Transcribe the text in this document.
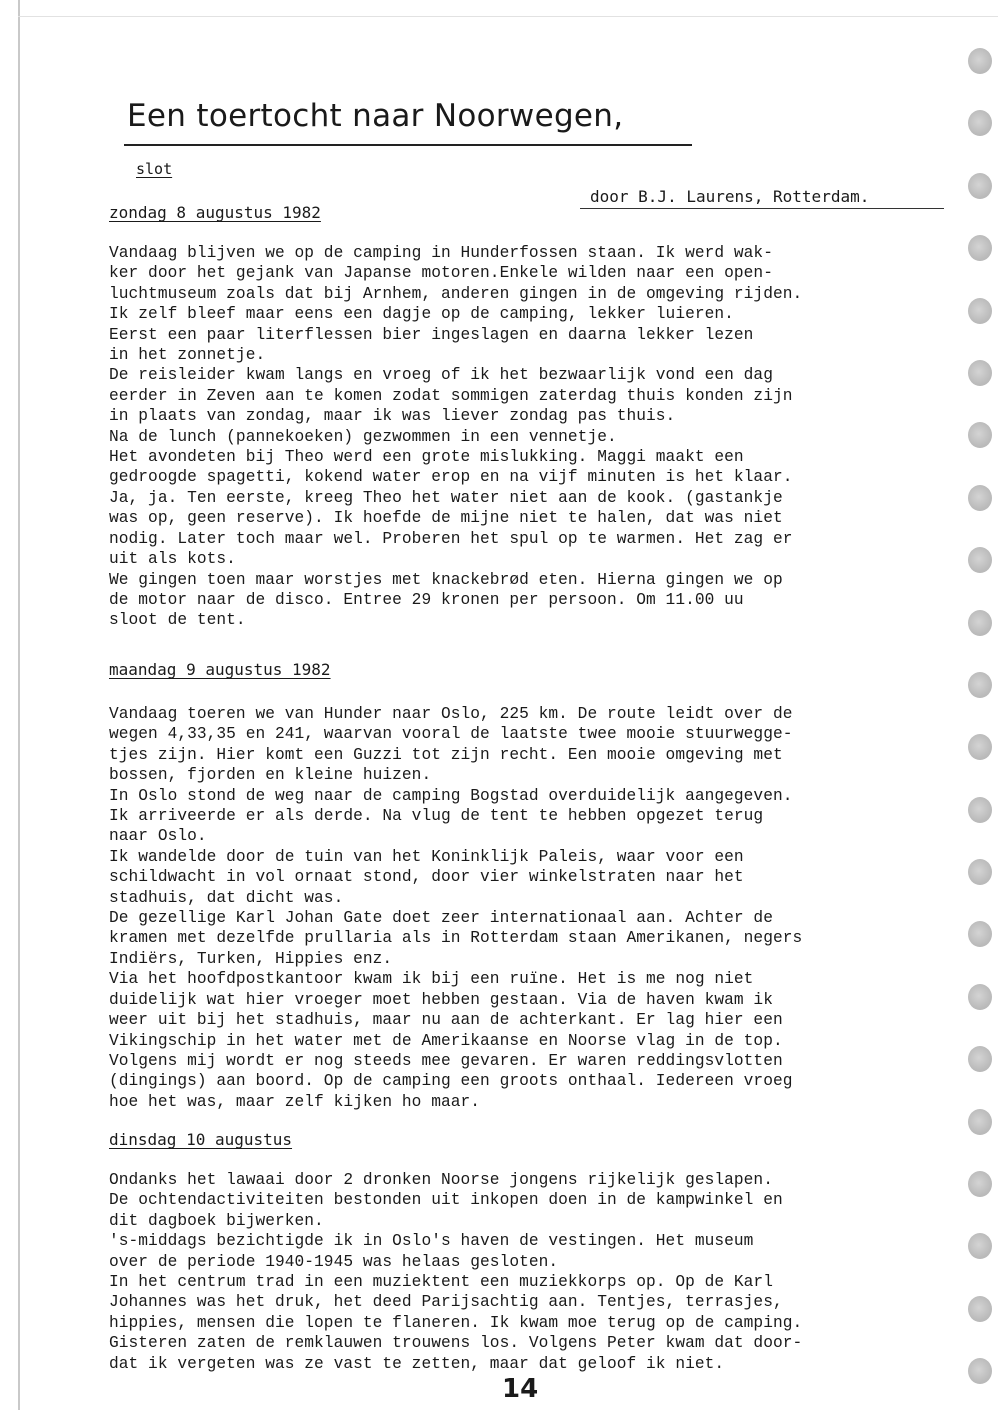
Een toertocht naar Noorwegen,
slot
door B.J. Laurens, Rotterdam.
zondag 8 augustus 1982
Vandaag blijven we op de camping in Hunderfossen staan. Ik werd wak-
ker door het gejank van Japanse motoren.Enkele wilden naar een open-
luchtmuseum zoals dat bij Arnhem, anderen gingen in de omgeving rijden.
Ik zelf bleef maar eens een dagje op de camping, lekker luieren.
Eerst een paar literflessen bier ingeslagen en daarna lekker lezen
in het zonnetje.
De reisleider kwam langs en vroeg of ik het bezwaarlijk vond een dag
eerder in Zeven aan te komen zodat sommigen zaterdag thuis konden zijn
in plaats van zondag, maar ik was liever zondag pas thuis.
Na de lunch (pannekoeken) gezwommen in een vennetje.
Het avondeten bij Theo werd een grote mislukking. Maggi maakt een
gedroogde spagetti, kokend water erop en na vijf minuten is het klaar.
Ja, ja. Ten eerste, kreeg Theo het water niet aan de kook. (gastankje
was op, geen reserve). Ik hoefde de mijne niet te halen, dat was niet
nodig. Later toch maar wel. Proberen het spul op te warmen. Het zag er
uit als kots.
We gingen toen maar worstjes met knackebrød eten. Hierna gingen we op
de motor naar de disco. Entree 29 kronen per persoon. Om 11.00 uu
sloot de tent.
maandag 9 augustus 1982
Vandaag toeren we van Hunder naar Oslo, 225 km. De route leidt over de
wegen 4,33,35 en 241, waarvan vooral de laatste twee mooie stuurwegge-
tjes zijn. Hier komt een Guzzi tot zijn recht. Een mooie omgeving met
bossen, fjorden en kleine huizen.
In Oslo stond de weg naar de camping Bogstad overduidelijk aangegeven.
Ik arriveerde er als derde. Na vlug de tent te hebben opgezet terug
naar Oslo.
Ik wandelde door de tuin van het Koninklijk Paleis, waar voor een
schildwacht in vol ornaat stond, door vier winkelstraten naar het
stadhuis, dat dicht was.
De gezellige Karl Johan Gate doet zeer internationaal aan. Achter de
kramen met dezelfde prullaria als in Rotterdam staan Amerikanen, negers
Indiërs, Turken, Hippies enz.
Via het hoofdpostkantoor kwam ik bij een ruïne. Het is me nog niet
duidelijk wat hier vroeger moet hebben gestaan. Via de haven kwam ik
weer uit bij het stadhuis, maar nu aan de achterkant. Er lag hier een
Vikingschip in het water met de Amerikaanse en Noorse vlag in de top.
Volgens mij wordt er nog steeds mee gevaren. Er waren reddingsvlotten
(dingings) aan boord. Op de camping een groots onthaal. Iedereen vroeg
hoe het was, maar zelf kijken ho maar.
dinsdag 10 augustus
Ondanks het lawaai door 2 dronken Noorse jongens rijkelijk geslapen.
De ochtendactiviteiten bestonden uit inkopen doen in de kampwinkel en
dit dagboek bijwerken.
's-middags bezichtigde ik in Oslo's haven de vestingen. Het museum
over de periode 1940-1945 was helaas gesloten.
In het centrum trad in een muziektent een muziekkorps op. Op de Karl
Johannes was het druk, het deed Parijsachtig aan. Tentjes, terrasjes,
hippies, mensen die lopen te flaneren. Ik kwam moe terug op de camping.
Gisteren zaten de remklauwen trouwens los. Volgens Peter kwam dat door-
dat ik vergeten was ze vast te zetten, maar dat geloof ik niet.
14
